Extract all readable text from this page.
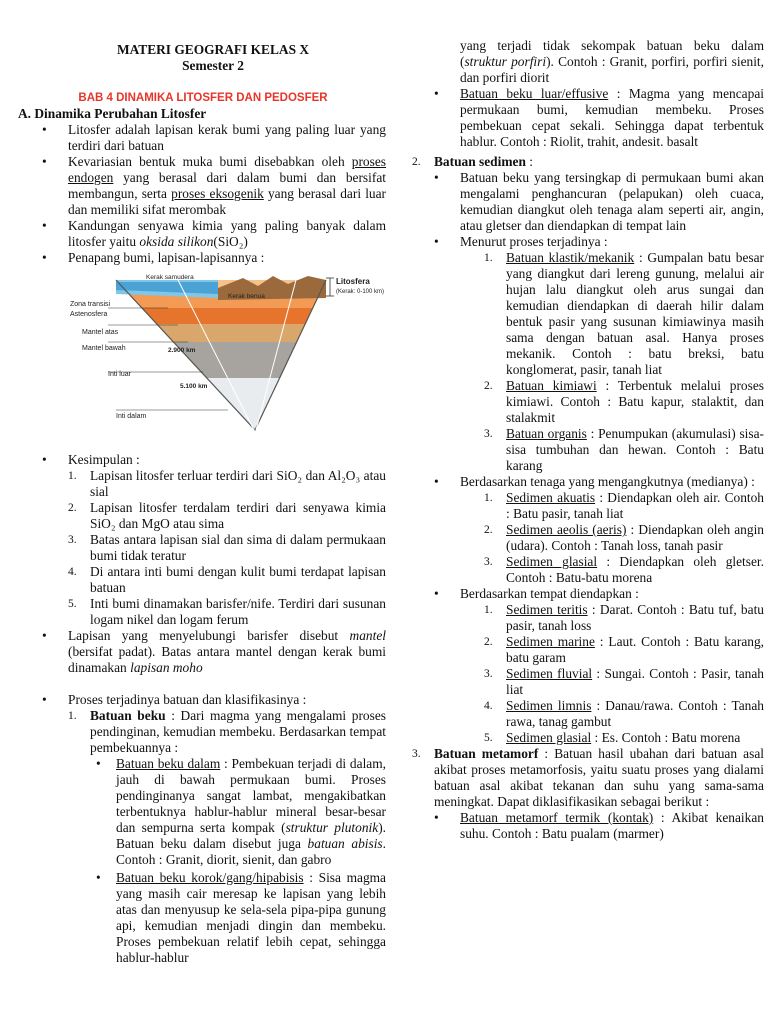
MATERI GEOGRAFI KELAS X

Semester 2

BAB 4 DINAMIKA LITOSFER DAN PEDOSFER

A. Dinamika Perubahan Litosfer

• Litosfer adalah lapisan kerak bumi yang paling luar yang terdiri dari batuan
• Kevariasian bentuk muka bumi disebabkan oleh proses endogen yang berasal dari dalam bumi dan bersifat membangun, serta proses eksogenik yang berasal dari luar dan memiliki sifat merombak
• Kandungan senyawa kimia yang paling banyak dalam litosfer yaitu oksida silikon(SiO₂)
• Penapang bumi, lapisan-lapisannya :
Kerak samudera
Kerak benua
Litosfera
(Kerak: 0-100 km)
Zona transisi
Astenosfera
Mantel atas
Mantel bawah	2.900 km
Inti luar
5.100 km
Inti dalam
• Kesimpulan :
1. Lapisan litosfer terluar terdiri dari SiO₂ dan Al₂O₃ atau sial
2. Lapisan litosfer terdalam terdiri dari senyawa kimia SiO₂ dan MgO atau sima
3. Batas antara lapisan sial dan sima di dalam permukaan bumi tidak teratur
4. Di antara inti bumi dengan kulit bumi terdapat lapisan batuan
5. Inti bumi dinamakan barisfer/nife. Terdiri dari susunan logam nikel dan logam ferum
• Lapisan yang menyelubungi barisfer disebut mantel (bersifat padat). Batas antara mantel dengan kerak bumi dinamakan lapisan moho
• Proses terjadinya batuan dan klasifikasinya :
1. Batuan beku : Dari magma yang mengalami proses pendinginan, kemudian membeku. Berdasarkan tempat pembekuannya :
• Batuan beku dalam : Pembekuan terjadi di dalam, jauh di bawah permukaan bumi. Proses pendinginanya sangat lambat, mengakibatkan terbentuknya hablur-hablur mineral besar-besar dan sempurna serta kompak (struktur plutonik). Batuan beku dalam disebut juga batuan abisis. Contoh : Granit, diorit, sienit, dan gabro
• Batuan beku korok/gang/hipabisis : Sisa magma yang masih cair meresap ke lapisan yang lebih atas dan menyusup ke sela-sela pipa-pipa gunung api, kemudian menjadi dingin dan membeku. Proses pembekuan relatif lebih cepat, sehingga hablur-hablur
yang terjadi tidak sekompak batuan beku dalam (struktur porfiri). Contoh : Granit, porfiri, porfiri sienit, dan porfiri diorit
• Batuan beku luar/effusive : Magma yang mencapai permukaan bumi, kemudian membeku. Proses pembekuan cepat sekali. Sehingga dapat terbentuk hablur. Contoh : Riolit, trahit, andesit. basalt
2. Batuan sedimen :
• Batuan beku yang tersingkap di permukaan bumi akan mengalami penghancuran (pelapukan) oleh cuaca, kemudian diangkut oleh tenaga alam seperti air, angin, atau gletser dan diendapkan di tempat lain
• Menurut proses terjadinya :
1. Batuan klastik/mekanik : Gumpalan batu besar yang diangkut dari lereng gunung, melalui air hujan lalu diangkut oleh arus sungai dan kemudian diendapkan di daerah hilir dalam bentuk pasir yang susunan kimiawinya masih sama dengan batuan asal. Hanya proses mekanik. Contoh : batu breksi, batu konglomerat, pasir, tanah liat
2. Batuan kimiawi : Terbentuk melalui proses kimiawi. Contoh : Batu kapur, stalaktit, dan stalakmit
3. Batuan organis : Penumpukan (akumulasi) sisa-sisa tumbuhan dan hewan. Contoh : Batu karang
• Berdasarkan tenaga yang mengangkutnya (medianya) :
1. Sedimen akuatis : Diendapkan oleh air. Contoh : Batu pasir, tanah liat
2. Sedimen aeolis (aeris) : Diendapkan oleh angin (udara). Contoh : Tanah loss, tanah pasir
3. Sedimen glasial : Diendapkan oleh gletser. Contoh : Batu-batu morena
• Berdasarkan tempat diendapkan :
1. Sedimen teritis : Darat. Contoh : Batu tuf, batu pasir, tanah loss
2. Sedimen marine : Laut. Contoh : Batu karang, batu garam
3. Sedimen fluvial : Sungai. Contoh : Pasir, tanah liat
4. Sedimen limnis : Danau/rawa. Contoh : Tanah rawa, tanag gambut
5. Sedimen glasial : Es. Contoh : Batu morena
3. Batuan metamorf : Batuan hasil ubahan dari batuan asal akibat proses metamorfosis, yaitu suatu proses yang dialami batuan asal akibat tekanan dan suhu yang sama-sama meningkat. Dapat diklasifikasikan sebagai berikut :
• Batuan metamorf termik (kontak) : Akibat kenaikan suhu. Contoh : Batu pualam (marmer)
